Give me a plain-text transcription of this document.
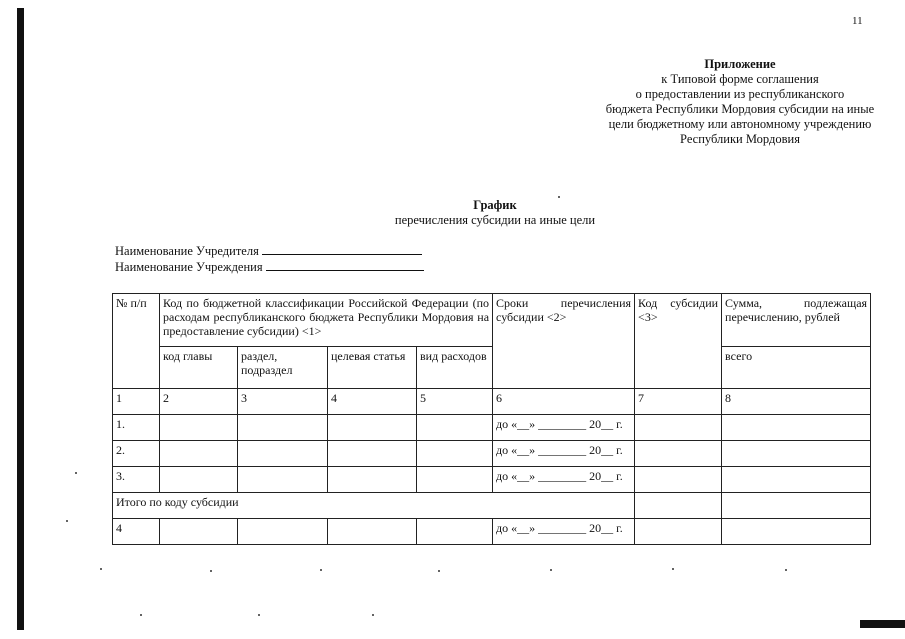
11
Приложение
к Типовой форме соглашения
о предоставлении из республиканского
бюджета Республики Мордовия субсидии на иные
цели бюджетному или автономному учреждению
Республики Мордовия
График
перечисления субсидии на иные цели
Наименование Учредителя
Наименование Учреждения
№ п/п	Код по бюджетной классификации Российской Федерации (по расходам республиканского бюджета Республики Мордовия на предоставление субсидии) <1>				Сроки перечисления субсидии <2>	Код субсидии <3>	Сумма, подлежащая перечислению, рублей
	код главы	раздел, подраздел	целевая статья	вид расходов			всего
1	2	3	4	5	6	7	8
1.					до «__» ________ 20__ г.		
2.					до «__» ________ 20__ г.		
3.					до «__» ________ 20__ г.		
Итого по коду субсидии							
4					до «__» ________ 20__ г.		
